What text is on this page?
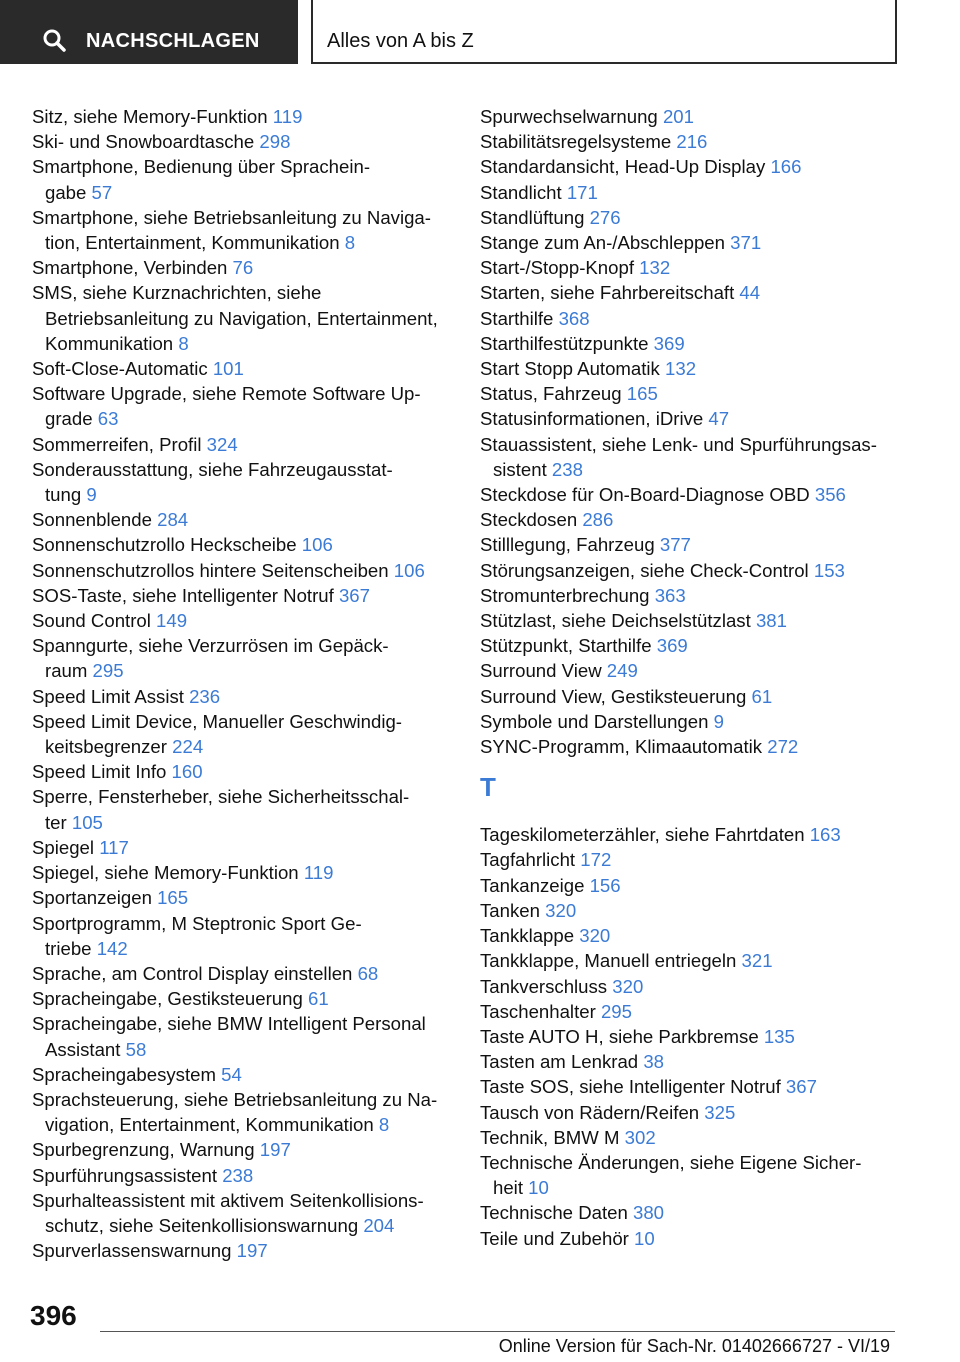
NACHSCHLAGEN	Alles von A bis Z
Sitz, siehe Memory-Funktion 119
Ski- und Snowboardtasche 298
Smartphone, Bedienung über Sprachein-
gabe 57
Smartphone, siehe Betriebsanleitung zu Naviga-
tion, Entertainment, Kommunikation 8
Smartphone, Verbinden 76
SMS, siehe Kurznachrichten, siehe
Betriebsanleitung zu Navigation, Entertainment,
Kommunikation 8
Soft-Close-Automatic 101
Software Upgrade, siehe Remote Software Up-
grade 63
Sommerreifen, Profil 324
Sonderausstattung, siehe Fahrzeugausstat-
tung 9
Sonnenblende 284
Sonnenschutzrollo Heckscheibe 106
Sonnenschutzrollos hintere Seitenscheiben 106
SOS-Taste, siehe Intelligenter Notruf 367
Sound Control 149
Spanngurte, siehe Verzurrösen im Gepäck-
raum 295
Speed Limit Assist 236
Speed Limit Device, Manueller Geschwindig-
keitsbegrenzer 224
Speed Limit Info 160
Sperre, Fensterheber, siehe Sicherheitsschal-
ter 105
Spiegel 117
Spiegel, siehe Memory-Funktion 119
Sportanzeigen 165
Sportprogramm, M Steptronic Sport Ge-
triebe 142
Sprache, am Control Display einstellen 68
Spracheingabe, Gestiksteuerung 61
Spracheingabe, siehe BMW Intelligent Personal
Assistant 58
Spracheingabesystem 54
Sprachsteuerung, siehe Betriebsanleitung zu Na-
vigation, Entertainment, Kommunikation 8
Spurbegrenzung, Warnung 197
Spurführungsassistent 238
Spurhalteassistent mit aktivem Seitenkollisions-
schutz, siehe Seitenkollisionswarnung 204
Spurverlassenswarnung 197
Spurwechselwarnung 201
Stabilitätsregelsysteme 216
Standardansicht, Head-Up Display 166
Standlicht 171
Standlüftung 276
Stange zum An-/Abschleppen 371
Start-/Stopp-Knopf 132
Starten, siehe Fahrbereitschaft 44
Starthilfe 368
Starthilfestützpunkte 369
Start Stopp Automatik 132
Status, Fahrzeug 165
Statusinformationen, iDrive 47
Stauassistent, siehe Lenk- und Spurführungsas-
sistent 238
Steckdose für On-Board-Diagnose OBD 356
Steckdosen 286
Stilllegung, Fahrzeug 377
Störungsanzeigen, siehe Check-Control 153
Stromunterbrechung 363
Stützlast, siehe Deichselstützlast 381
Stützpunkt, Starthilfe 369
Surround View 249
Surround View, Gestiksteuerung 61
Symbole und Darstellungen 9
SYNC-Programm, Klimaautomatik 272
T
Tageskilometerzähler, siehe Fahrtdaten 163
Tagfahrlicht 172
Tankanzeige 156
Tanken 320
Tankklappe 320
Tankklappe, Manuell entriegeln 321
Tankverschluss 320
Taschenhalter 295
Taste AUTO H, siehe Parkbremse 135
Tasten am Lenkrad 38
Taste SOS, siehe Intelligenter Notruf 367
Tausch von Rädern/Reifen 325
Technik, BMW M 302
Technische Änderungen, siehe Eigene Sicher-
heit 10
Technische Daten 380
Teile und Zubehör 10
396
Online Version für Sach-Nr. 01402666727 - VI/19
